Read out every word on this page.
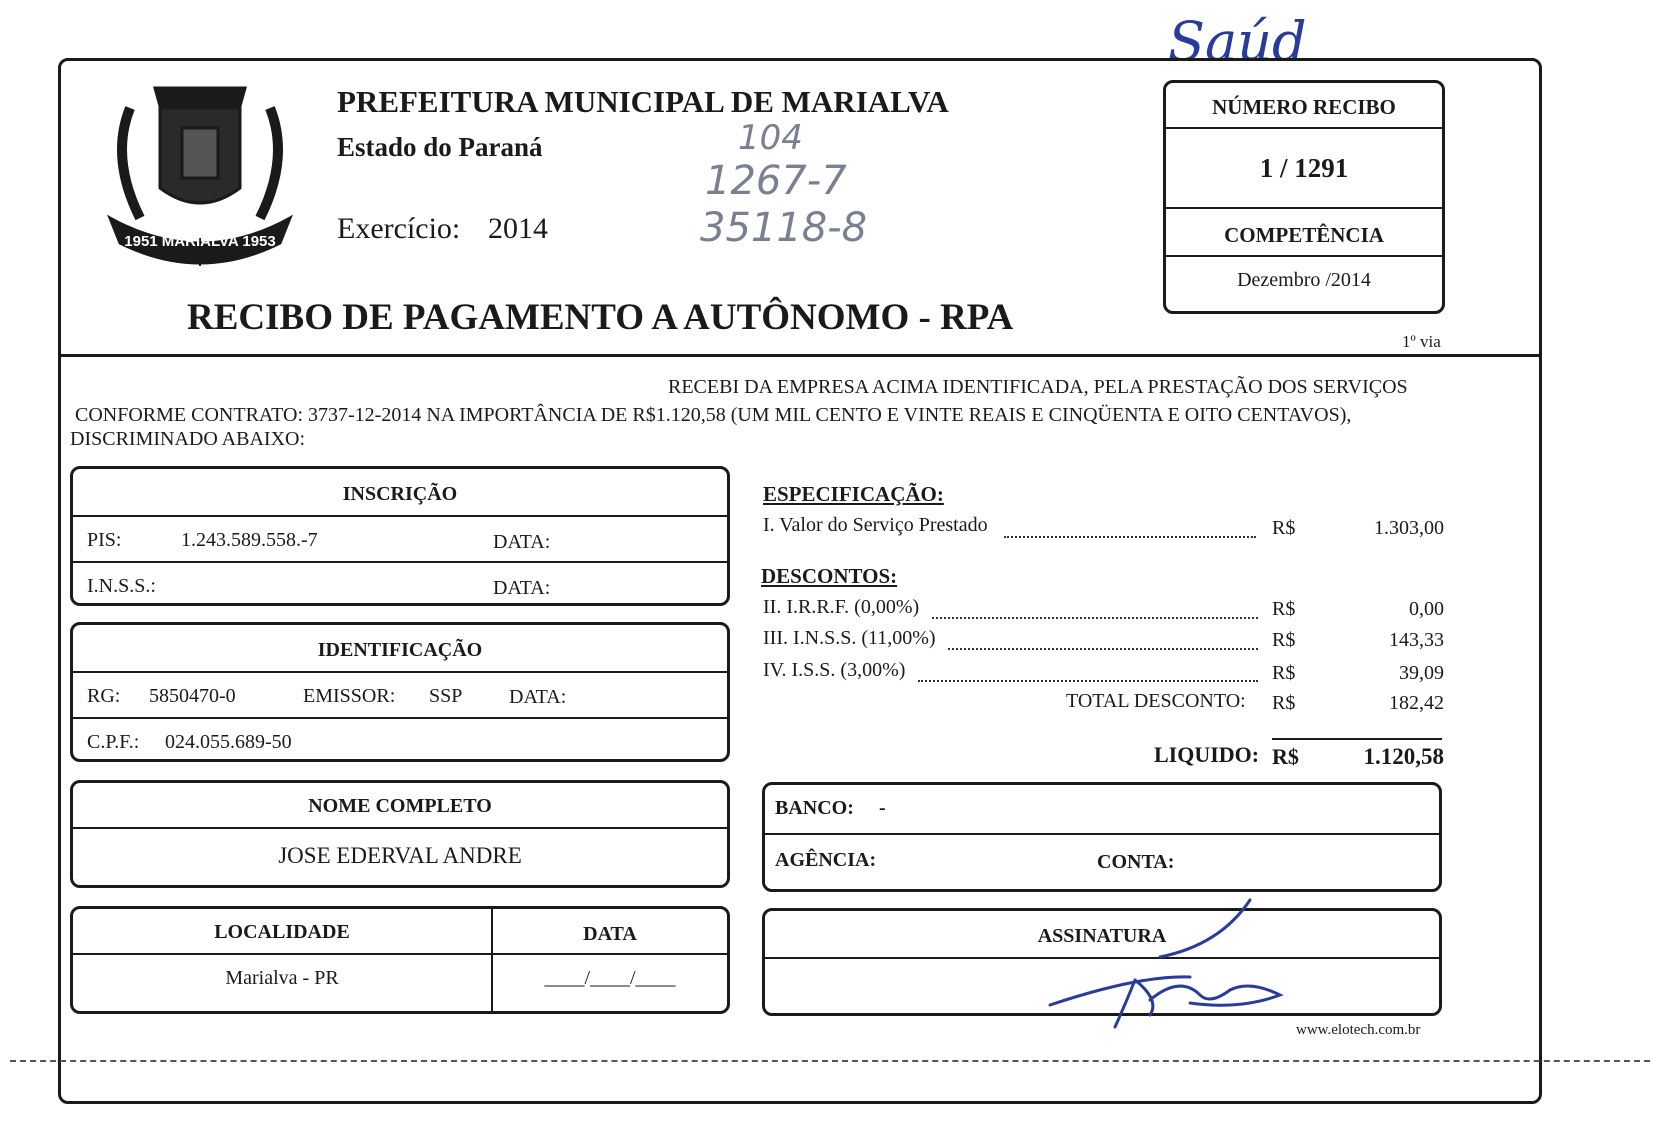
Saúd
1951 MARIALVA 1953
PREFEITURA MUNICIPAL DE MARIALVA
Estado do Paraná
Exercício: 2014
104
1267-7
35118-8
RECIBO DE PAGAMENTO A AUTÔNOMO - RPA
NÚMERO RECIBO
1 / 1291
COMPETÊNCIA
Dezembro /2014
1º via
RECEBI DA EMPRESA ACIMA IDENTIFICADA, PELA PRESTAÇÃO DOS SERVIÇOS
CONFORME CONTRATO: 3737-12-2014 NA IMPORTÂNCIA DE R$1.120,58 (UM MIL CENTO E VINTE REAIS E CINQÜENTA E OITO CENTAVOS),
DISCRIMINADO ABAIXO:
INSCRIÇÃO
PIS:	1.243.589.558.-7	DATA:
I.N.S.S.:	DATA:
IDENTIFICAÇÃO
RG: 5850470-0	EMISSOR: SSP DATA:
C.P.F.: 024.055.689-50
NOME COMPLETO
JOSE EDERVAL ANDRE
LOCALIDADE	DATA
Marialva - PR	____/____/____
ESPECIFICAÇÃO:
I. Valor do Serviço Prestado	R$	1.303,00
DESCONTOS:
II. I.R.R.F. (0,00%)	R$	0,00
III. I.N.S.S. (11,00%)	R$	143,33
IV. I.S.S. (3,00%)	R$	39,09
TOTAL DESCONTO: R$	182,42
LIQUIDO: R$	1.120,58
BANCO: -
AGÊNCIA:	CONTA:
ASSINATURA
www.elotech.com.br
